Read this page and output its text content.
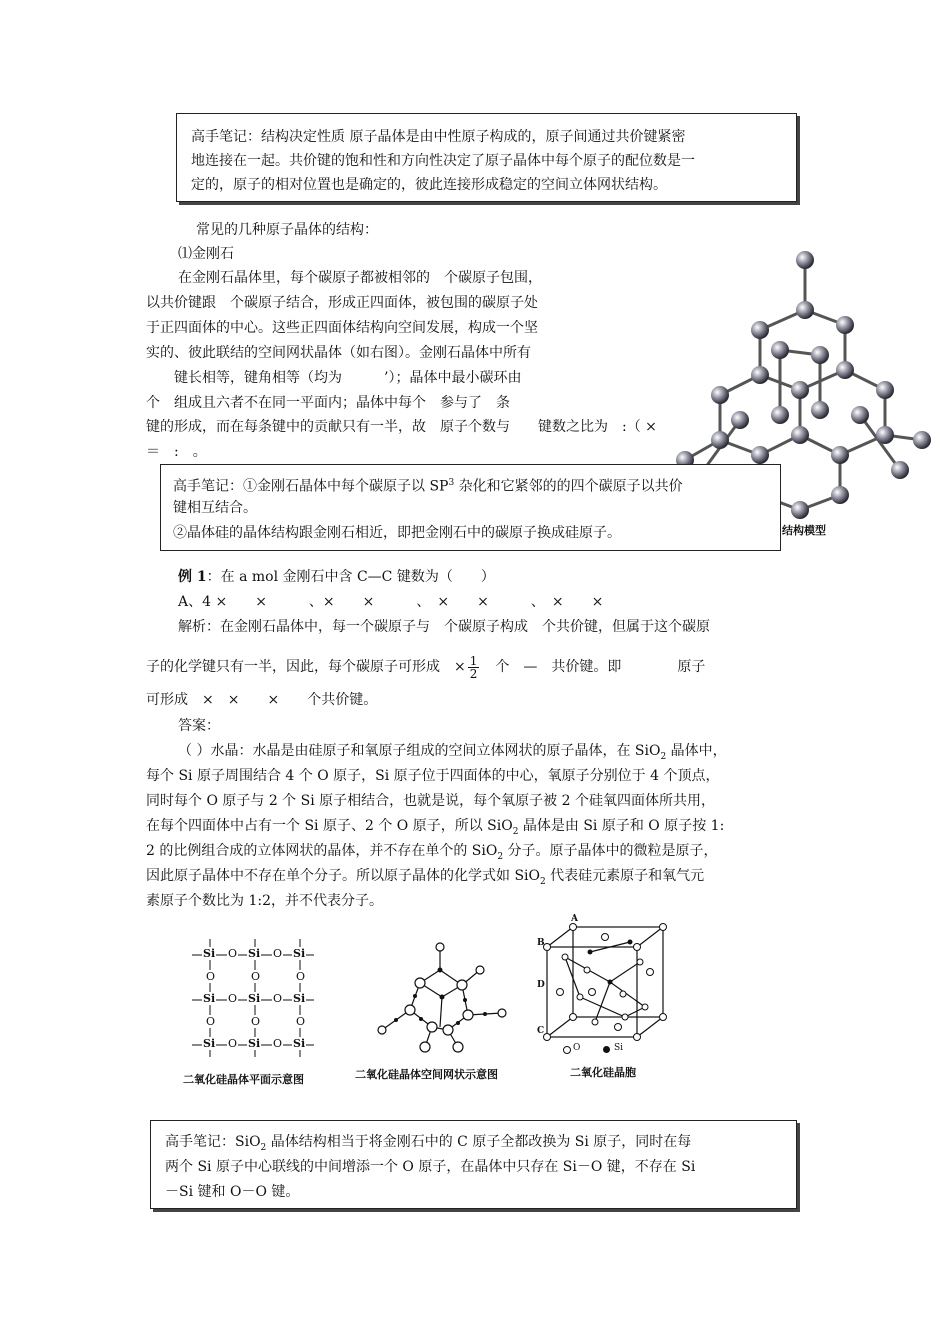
高手笔记：结构决定性质 原子晶体是由中性原子构成的，原子间通过共价键紧密
地连接在一起。共价键的饱和性和方向性决定了原子晶体中每个原子的配位数是一
定的，原子的相对位置也是确定的，彼此连接形成稳定的空间立体网状结构。
常见的几种原子晶体的结构：
⑴金刚石
在金刚石晶体里，每个碳原子都被相邻的　个碳原子包围，
以共价键跟　个碳原子结合，形成正四面体，被包围的碳原子处
于正四面体的中心。这些正四面体结构向空间发展，构成一个坚
实的、彼此联结的空间网状晶体（如右图）。金刚石晶体中所有
键长相等，键角相等（均为　　　’）；晶体中最小碳环由
个　组成且六者不在同一平面内；晶体中每个　参与了　条
键的形成，而在每条键中的贡献只有一半，故　原子个数与　　键数之比为　:（ ×　
＝　:　。
结构模型
高手笔记：①金刚石晶体中每个碳原子以 $SP^3$ 杂化和它紧邻的的四个碳原子以共价
键相互结合。
②晶体硅的晶体结构跟金刚石相近，即把金刚石中的碳原子换成硅原子。
例 1：在 a mol 金刚石中含 C—C 键数为（　　）
A、4 ×　　×　　　、×　　×　　　、　×　　×　　　、　×　　×
解析：在金刚石晶体中，每一个碳原子与　个碳原子构成　个共价键，但属于这个碳原
子的化学键只有一半，因此，每个碳原子可形成　× $\frac{1}{2}$ 　个　—　共价键。即　　　　原子
可形成　×　×　　×　　个共价键。
答案：
（ ）水晶：水晶是由硅原子和氧原子组成的空间立体网状的原子晶体，在 SiO$_2$ 晶体中，
每个 Si 原子周围结合 4 个 O 原子，Si 原子位于四面体的中心，氧原子分别位于 4 个顶点，
同时每个 O 原子与 2 个 Si 原子相结合，也就是说，每个氧原子被 2 个硅氧四面体所共用，
在每个四面体中占有一个 Si 原子、2 个 O 原子，所以 SiO$_2$ 晶体是由 Si 原子和 O 原子按 1:
2 的比例组合成的立体网状的晶体，并不存在单个的 SiO$_2$ 分子。原子晶体中的微粒是原子，
因此原子晶体中不存在单个分子。所以原子晶体的化学式如 SiO$_2$ 代表硅元素原子和氧气元
素原子个数比为 1:2，并不代表分子。
Si	Si	Si
Si	Si	Si
Si	Si	Si
O	O
O	O
O	O
O	O	O
O	O	O
二氧化硅晶体平面示意图	二氧化硅晶体空间网状示意图
A
B
D
C
O	Si
二氧化硅晶胞
高手笔记：SiO$_2$ 晶体结构相当于将金刚石中的 C 原子全都改换为 Si 原子，同时在每
两个 Si 原子中心联线的中间增添一个 O 原子，在晶体中只存在 Si－O 键，不存在 Si
－Si 键和 O－O 键。
